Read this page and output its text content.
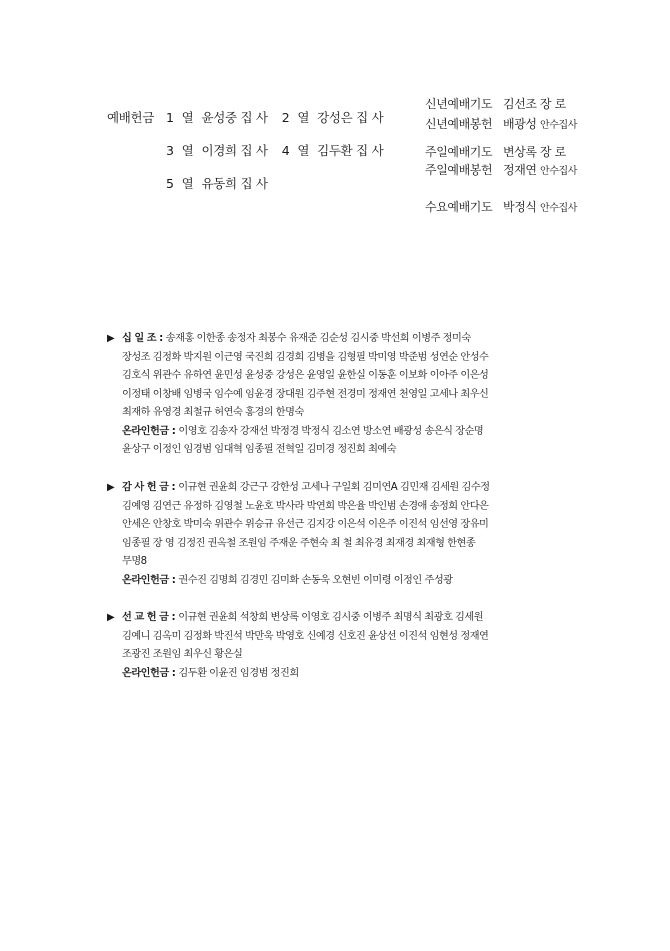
예배헌금 1 열 윤성중 집 사 2 열 강성은 집 사
3 열 이경희 집 사 4 열 김두환 집 사
5 열 유동희 집 사
신년예배기도 김선조 장 로
신년예배봉헌 배광성 안수집사
주일예배기도 변상록 장 로
주일예배봉헌 정재연 안수집사
수요예배기도 박정식 안수집사
▶ 십 일 조 : 송재홍 이한종 송정자 최봉수 유재준 김순성 김시중 박선희 이병주 정미숙
장성조 김정화 박지원 이근영 국진희 김경희 김병을 김형필 박미영 박준범 성연순 안성수
김호식 위관수 유하연 윤민성 윤성중 강성은 윤영일 윤한실 이동훈 이보화 이아주 이은성
이정태 이창배 임병국 임수예 임윤경 장대원 김주현 전경미 정재연 천영일 고세나 최우신
최재하 유영경 최철규 허연숙 홍경의 한명숙
온라인헌금 : 이영호 김송자 강재선 박정경 박정식 김소연 방소연 배광성 송은식 장순명
윤상구 이정인 임경범 임대혁 임종필 전혁일 김미경 정진희 최예숙
▶ 감 사 헌 금 : 이규현 권윤희 강근구 강한성 고세나 구일회 김미연A 김민재 김세원 김수정
김예영 김연근 유정하 김영철 노윤호 박사라 박연희 박은율 박인범 손경애 송정희 안다은
안세은 안창호 박미숙 위관수 위승규 유선근 김지강 이은석 이은주 이진석 임선영 장유미
임종필 장 영 김정진 권옥철 조원임 주재운 주현숙 최 철 최유경 최재경 최재형 한현종
무명8
온라인헌금 : 권수진 김명희 김경민 김미화 손동욱 오현빈 이미령 이정인 주성광
▶ 선 교 헌 금 : 이규현 권윤희 석창희 변상록 이영호 김시중 이병주 최명식 최광호 김세원
김예니 김옥미 김정화 박진석 박만욱 박영호 신예경 신호진 윤상선 이진석 임현성 정재연
조광진 조원임 최우신 황은실
온라인헌금 : 김두환 이윤진 임경범 정진희
